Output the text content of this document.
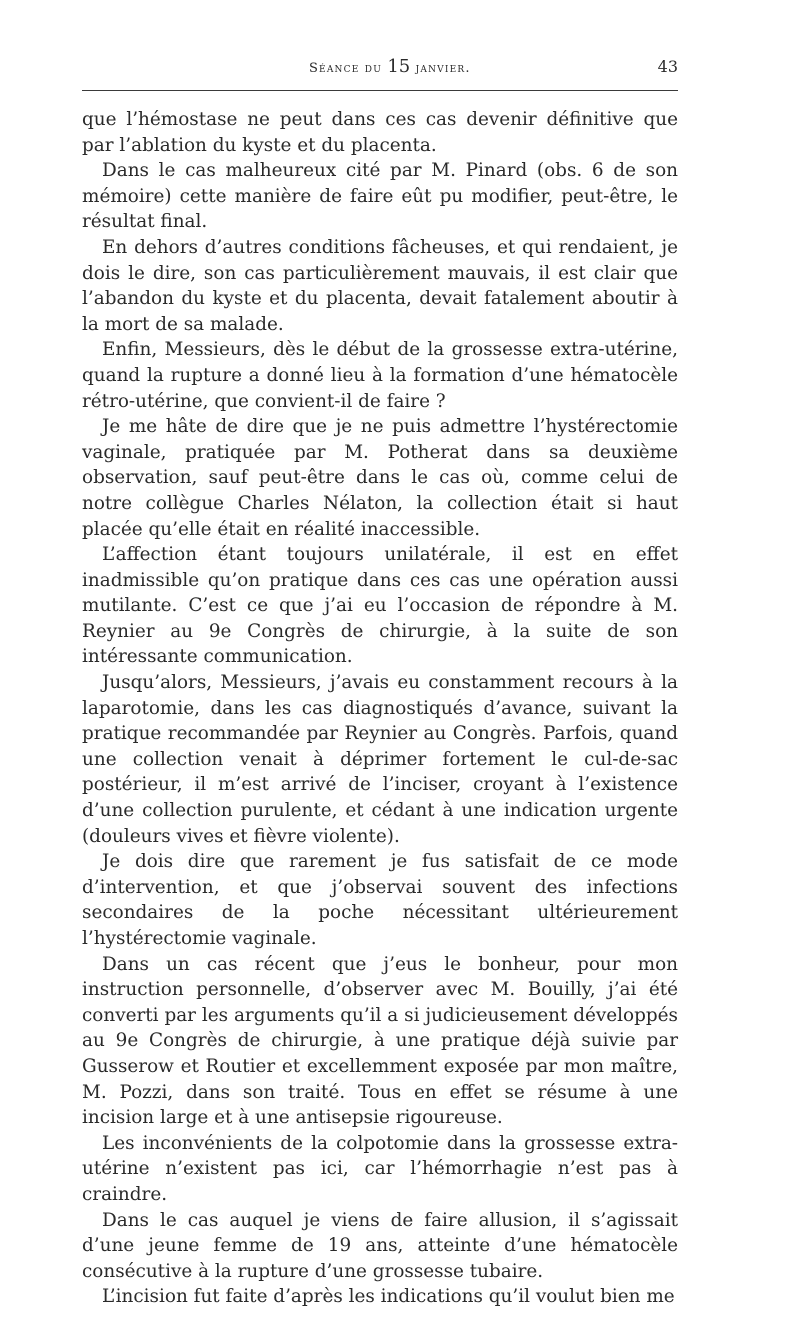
Séance du 15 janvier.	43

que l’hémostase ne peut dans ces cas devenir définitive que par l’ablation du kyste et du placenta.

Dans le cas malheureux cité par M. Pinard (obs. 6 de son mémoire) cette manière de faire eût pu modifier, peut-être, le résultat final.

En dehors d’autres conditions fâcheuses, et qui rendaient, je dois le dire, son cas particulièrement mauvais, il est clair que l’abandon du kyste et du placenta, devait fatalement aboutir à la mort de sa malade.

Enfin, Messieurs, dès le début de la grossesse extra-utérine, quand la rupture a donné lieu à la formation d’une hématocèle rétro-utérine, que convient-il de faire ?

Je me hâte de dire que je ne puis admettre l’hystérectomie vaginale, pratiquée par M. Potherat dans sa deuxième observation, sauf peut-être dans le cas où, comme celui de notre collègue Charles Nélaton, la collection était si haut placée qu’elle était en réalité inaccessible.

L’affection étant toujours unilatérale, il est en effet inadmissible qu’on pratique dans ces cas une opération aussi mutilante. C’est ce que j’ai eu l’occasion de répondre à M. Reynier au 9e Congrès de chirurgie, à la suite de son intéressante communication.

Jusqu’alors, Messieurs, j’avais eu constamment recours à la laparotomie, dans les cas diagnostiqués d’avance, suivant la pratique recommandée par Reynier au Congrès. Parfois, quand une collection venait à déprimer fortement le cul-de-sac postérieur, il m’est arrivé de l’inciser, croyant à l’existence d’une collection purulente, et cédant à une indication urgente (douleurs vives et fièvre violente).

Je dois dire que rarement je fus satisfait de ce mode d’intervention, et que j’observai souvent des infections secondaires de la poche nécessitant ultérieurement l’hystérectomie vaginale.

Dans un cas récent que j’eus le bonheur, pour mon instruction personnelle, d’observer avec M. Bouilly, j’ai été converti par les arguments qu’il a si judicieusement développés au 9e Congrès de chirurgie, à une pratique déjà suivie par Gusserow et Routier et excellemment exposée par mon maître, M. Pozzi, dans son traité. Tous en effet se résume à une incision large et à une antisepsie rigoureuse.

Les inconvénients de la colpotomie dans la grossesse extra-utérine n’existent pas ici, car l’hémorrhagie n’est pas à craindre.

Dans le cas auquel je viens de faire allusion, il s’agissait d’une jeune femme de 19 ans, atteinte d’une hématocèle consécutive à la rupture d’une grossesse tubaire.

L’incision fut faite d’après les indications qu’il voulut bien me
